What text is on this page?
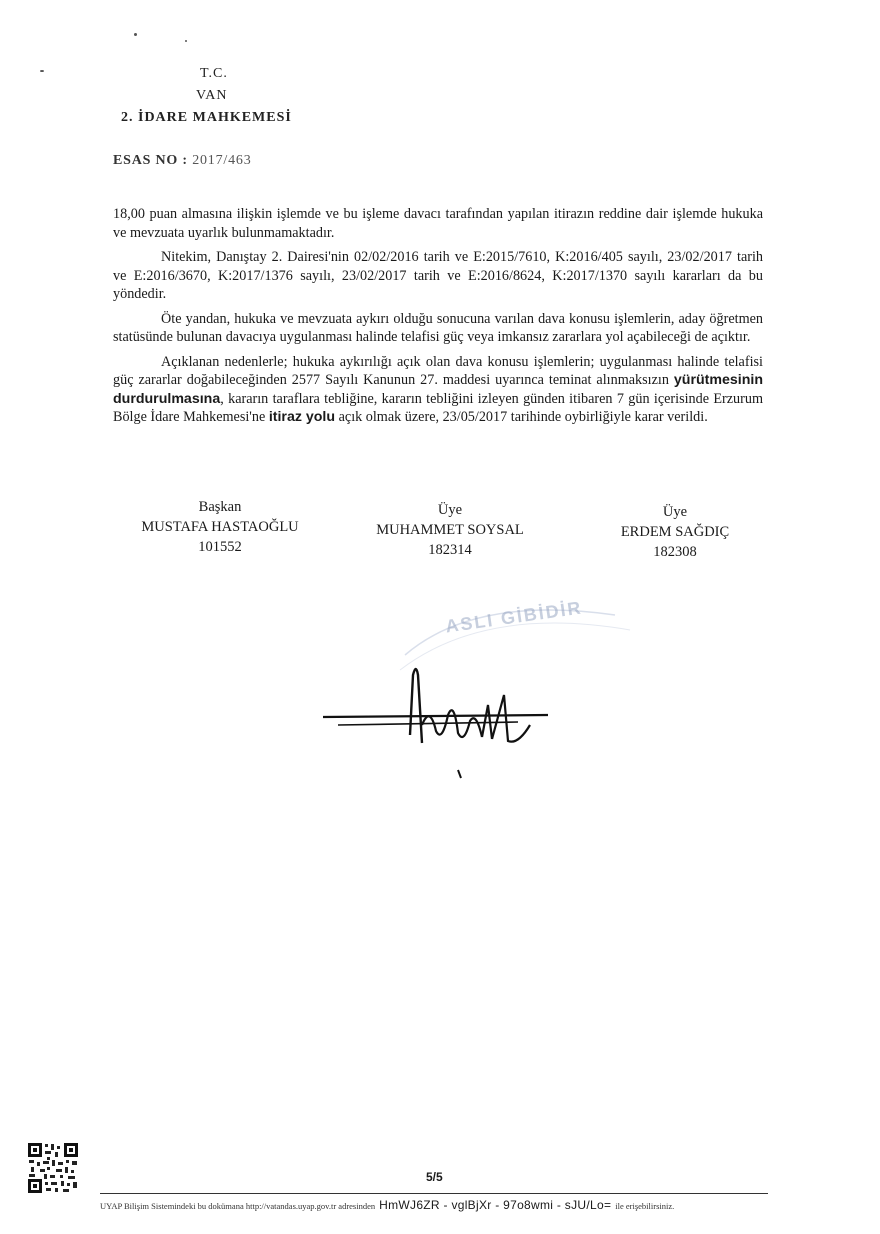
T.C.
VAN
2. İDARE MAHKEMESİ
ESAS NO : 2017/463

18,00 puan almasına ilişkin işlemde ve bu işleme davacı tarafından yapılan itirazın reddine dair işlemde hukuka ve mevzuata uyarlık bulunmamaktadır.

Nitekim, Danıştay 2. Dairesi'nin 02/02/2016 tarih ve E:2015/7610, K:2016/405 sayılı, 23/02/2017 tarih ve E:2016/3670, K:2017/1376 sayılı, 23/02/2017 tarih ve E:2016/8624, K:2017/1370 sayılı kararları da bu yöndedir.

Öte yandan, hukuka ve mevzuata aykırı olduğu sonucuna varılan dava konusu işlemlerin, aday öğretmen statüsünde bulunan davacıya uygulanması halinde telafisi güç veya imkansız zararlara yol açabileceği de açıktır.

Açıklanan nedenlerle; hukuka aykırılığı açık olan dava konusu işlemlerin; uygulanması halinde telafisi güç zararlar doğabileceğinden 2577 Sayılı Kanunun 27. maddesi uyarınca teminat alınmaksızın yürütmesinin durdurulmasına, kararın taraflara tebliğine, kararın tebliğini izleyen günden itibaren 7 gün içerisinde Erzurum Bölge İdare Mahkemesi'ne itiraz yolu açık olmak üzere, 23/05/2017 tarihinde oybirliğiyle karar verildi.

Başkan
MUSTAFA HASTAOĞLU
101552
Üye
MUHAMMET SOYSAL
182314
Üye
ERDEM SAĞDIÇ
182308
ASLI GİBİDİR
5/5
UYAP Bilişim Sistemindeki bu dokümana http://vatandas.uyap.gov.tr adresinden HmWJ6ZR - vglBjXr - 97o8wmi - sJU/Lo= ile erişebilirsiniz.
